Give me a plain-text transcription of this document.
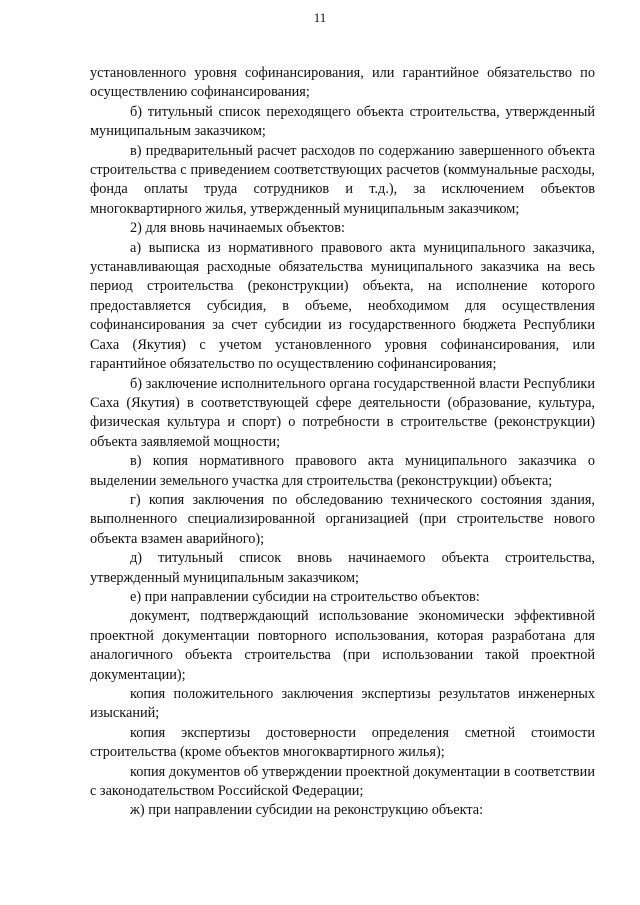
11

установленного уровня софинансирования, или гарантийное обязательство по осуществлению софинансирования;

б) титульный список переходящего объекта строительства, утвержденный муниципальным заказчиком;

в) предварительный расчет расходов по содержанию завершенного объекта строительства с приведением соответствующих расчетов (коммунальные расходы, фонда оплаты труда сотрудников и т.д.), за исключением объектов многоквартирного жилья, утвержденный муниципальным заказчиком;

2) для вновь начинаемых объектов:

а) выписка из нормативного правового акта муниципального заказчика, устанавливающая расходные обязательства муниципального заказчика на весь период строительства (реконструкции) объекта, на исполнение которого предоставляется субсидия, в объеме, необходимом для осуществления софинансирования за счет субсидии из государственного бюджета Республики Саха (Якутия) с учетом установленного уровня софинансирования, или гарантийное обязательство по осуществлению софинансирования;

б) заключение исполнительного органа государственной власти Республики Саха (Якутия) в соответствующей сфере деятельности (образование, культура, физическая культура и спорт) о потребности в строительстве (реконструкции) объекта заявляемой мощности;

в) копия нормативного правового акта муниципального заказчика о выделении земельного участка для строительства (реконструкции) объекта;

г) копия заключения по обследованию технического состояния здания, выполненного специализированной организацией (при строительстве нового объекта взамен аварийного);

д) титульный список вновь начинаемого объекта строительства, утвержденный муниципальным заказчиком;

е) при направлении субсидии на строительство объектов:

документ, подтверждающий использование экономически эффективной проектной документации повторного использования, которая разработана для аналогичного объекта строительства (при использовании такой проектной документации);

копия положительного заключения экспертизы результатов инженерных изысканий;

копия экспертизы достоверности определения сметной стоимости строительства (кроме объектов многоквартирного жилья);

копия документов об утверждении проектной документации в соответствии с законодательством Российской Федерации;

ж) при направлении субсидии на реконструкцию объекта:
